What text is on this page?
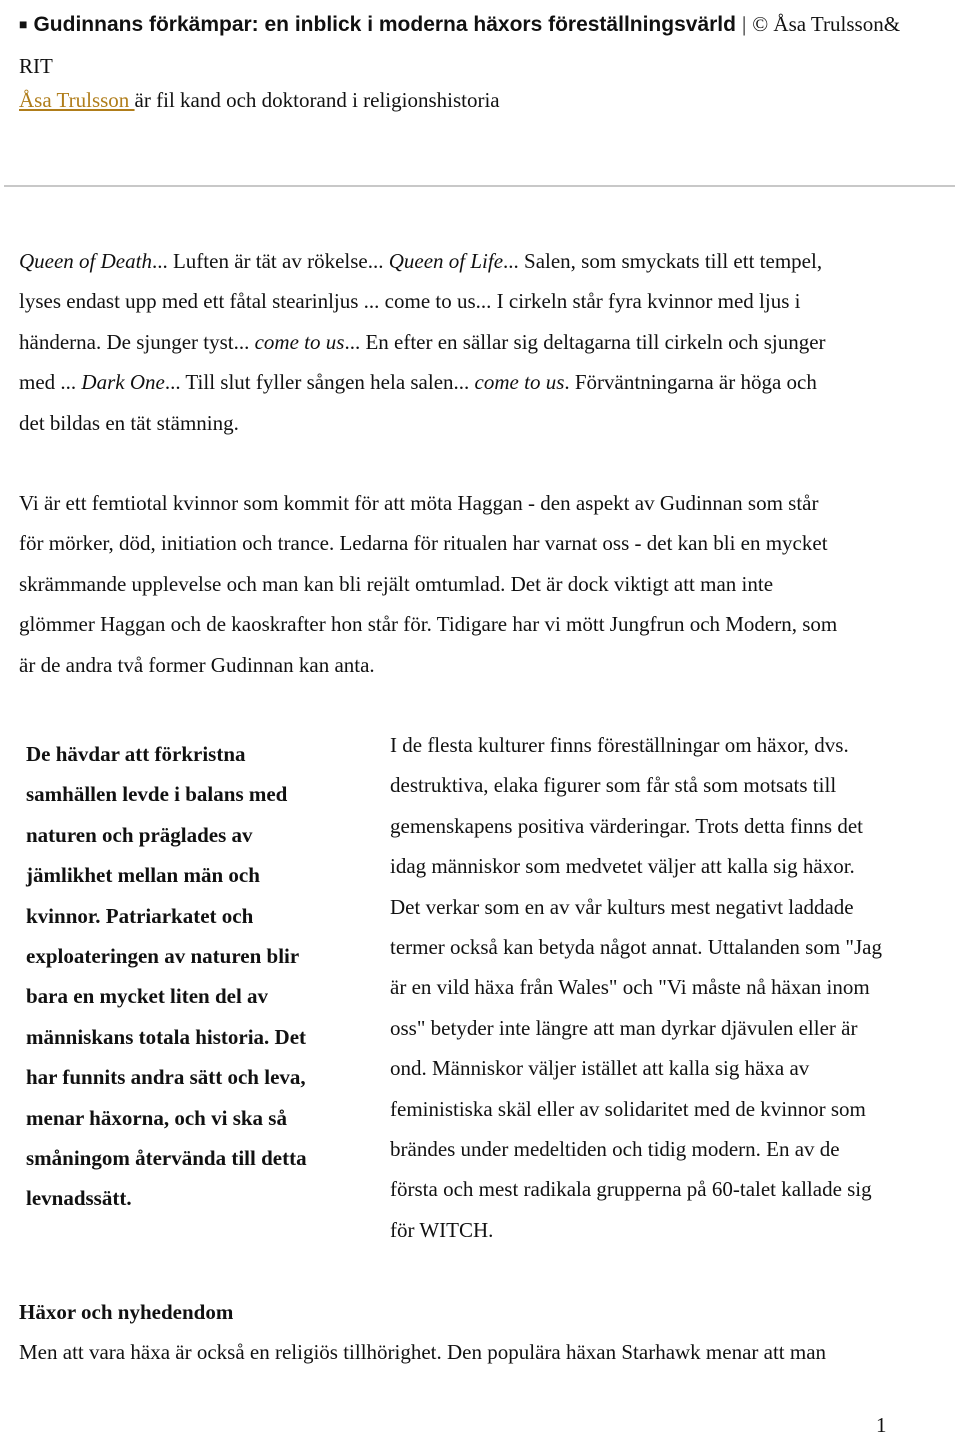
■ Gudinnans förkämpar: en inblick i moderna häxors föreställningsvärld | © Åsa Trulsson&
RIT
Åsa Trulsson är fil kand och doktorand i religionshistoria
Queen of Death... Luften är tät av rökelse... Queen of Life... Salen, som smyckats till ett tempel,
lyses endast upp med ett fåtal stearinljus ... come to us... I cirkeln står fyra kvinnor med ljus i
händerna. De sjunger tyst... come to us... En efter en sällar sig deltagarna till cirkeln och sjunger
med ... Dark One... Till slut fyller sången hela salen... come to us. Förväntningarna är höga och
det bildas en tät stämning.
Vi är ett femtiotal kvinnor som kommit för att möta Haggan - den aspekt av Gudinnan som står
för mörker, död, initiation och trance. Ledarna för ritualen har varnat oss - det kan bli en mycket
skrämmande upplevelse och man kan bli rejält omtumlad. Det är dock viktigt att man inte
glömmer Haggan och de kaoskrafter hon står för. Tidigare har vi mött Jungfrun och Modern, som
är de andra två former Gudinnan kan anta.
De hävdar att förkristna
samhällen levde i balans med
naturen och präglades av
jämlikhet mellan män och
kvinnor. Patriarkatet och
exploateringen av naturen blir
bara en mycket liten del av
människans totala historia. Det
har funnits andra sätt och leva,
menar häxorna, och vi ska så
småningom återvända till detta
levnadssätt.
I de flesta kulturer finns föreställningar om häxor, dvs.
destruktiva, elaka figurer som får stå som motsats till
gemenskapens positiva värderingar. Trots detta finns det
idag människor som medvetet väljer att kalla sig häxor.
Det verkar som en av vår kulturs mest negativt laddade
termer också kan betyda något annat. Uttalanden som "Jag
är en vild häxa från Wales" och "Vi måste nå häxan inom
oss" betyder inte längre att man dyrkar djävulen eller är
ond. Människor väljer istället att kalla sig häxa av
feministiska skäl eller av solidaritet med de kvinnor som
brändes under medeltiden och tidig modern. En av de
första och mest radikala grupperna på 60-talet kallade sig
för WITCH.
Häxor och nyhedendom
Men att vara häxa är också en religiös tillhörighet. Den populära häxan Starhawk menar att man
1
